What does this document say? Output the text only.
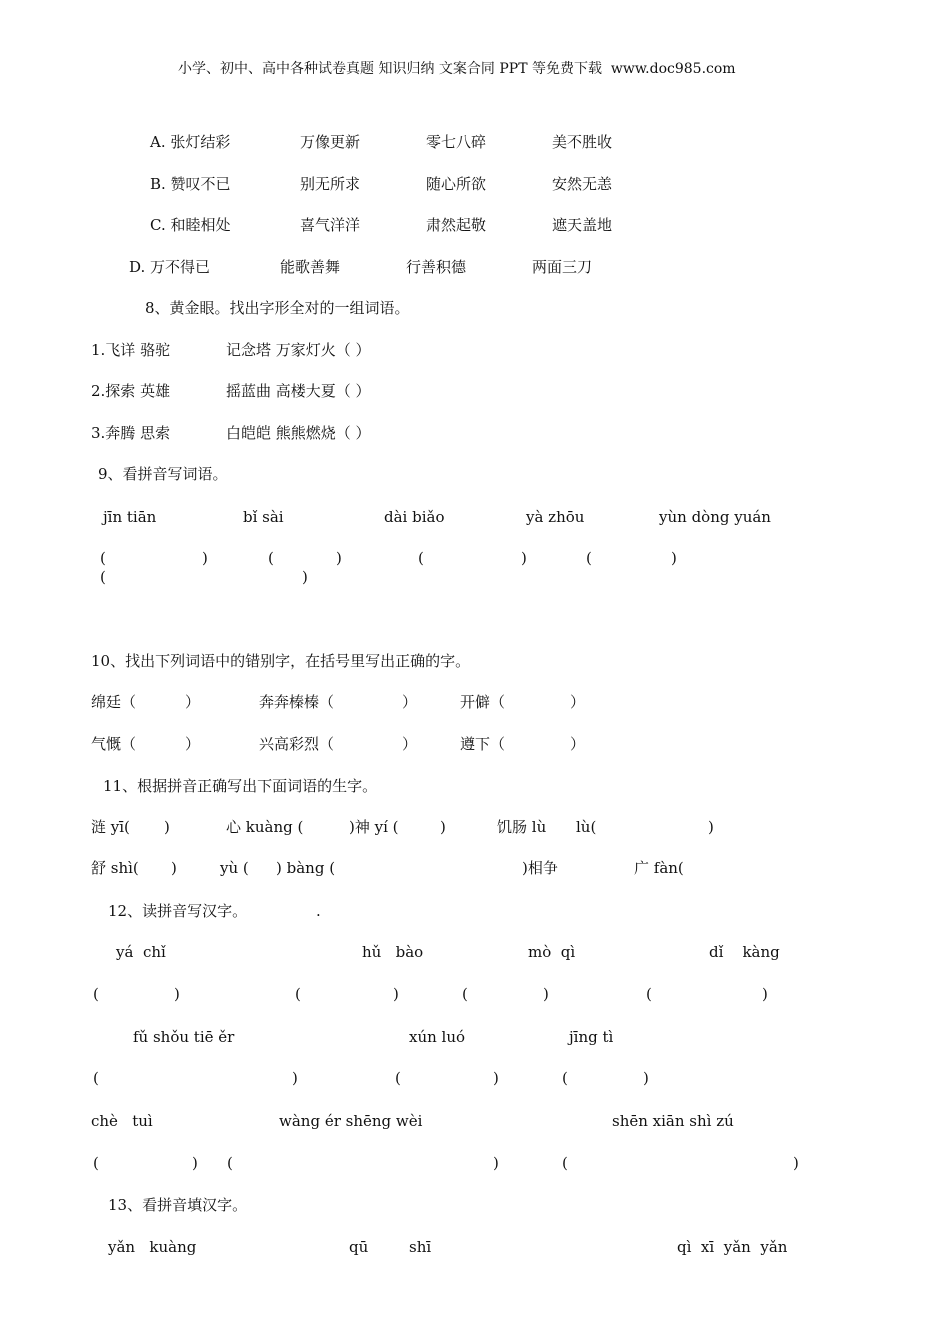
小学、初中、高中各种试卷真题 知识归纳 文案合同 PPT 等免费下载  www.doc985.com
A. 张灯结彩	万像更新	零七八碎	美不胜收
B. 赞叹不已	别无所求	随心所欲	安然无恙
C. 和睦相处	喜气洋洋	肃然起敬	遮天盖地
D. 万不得已	能歌善舞	行善积德	两面三刀
8、黄金眼。找出字形全对的一组词语。
1.飞详 骆驼	记念塔 万家灯火（ ）
2.探索 英雄	摇蓝曲 高楼大夏（ ）
3.奔腾 思索	白皑皑 熊熊燃烧（ ）
9、看拼音写词语。
jīn tiān	bǐ sài	dài biǎo	yà zhōu	yùn dòng yuán
(	)	(	)	(	)	(	)
(	)
10、找出下列词语中的错别字，在括号里写出正确的字。
绵廷（	）	奔奔榛榛（	）	开僻（	）
气慨（	）	兴高彩烈（	）	遵下（	）
11、根据拼音正确写出下面词语的生字。
涟 yī( )	心 kuàng (	)神 yí (	)	饥肠 lù lù(	)
舒 shì( )	yù ( ) bàng (	)相争	广 fàn(
12、读拼音写汉字。	.
yá  chǐ	hǔ   bào	mò  qì	dǐ    kàng
(	)	(	)	(	)	(	)
fǔ shǒu tiē ěr	xún luó	jīng tì
(	)	(	)	(	)
chè   tuì	wàng ér shēng wèi	shēn xiān shì zú
(	) (	)	(	)
13、看拼音填汉字。
yǎn   kuàng	qū	shī	qì  xī  yǎn  yǎn
